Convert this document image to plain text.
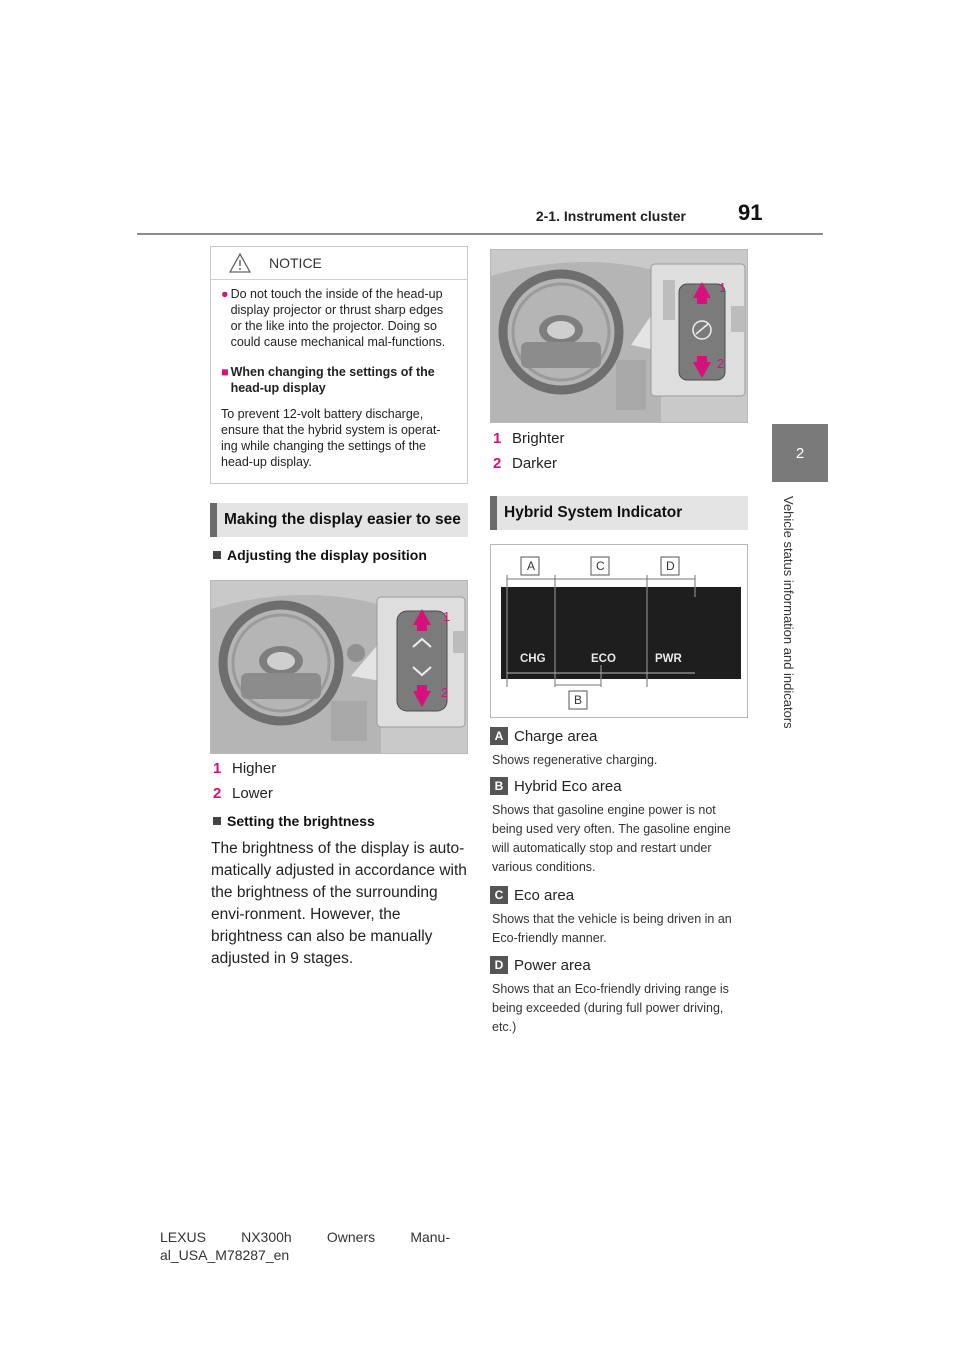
2-1. Instrument cluster 91
2
Vehicle status information and indicators
NOTICE
● Do not touch the inside of the head-up display projector or thrust sharp edges or the like into the projector. Doing so could cause mechanical mal-functions.
■ When changing the settings of the head-up display
To prevent 12-volt battery discharge, ensure that the hybrid system is operat-ing while changing the settings of the head-up display.
Making the display easier to see
Adjusting the display position
1
2
1 Higher
2 Lower
Setting the brightness
The brightness of the display is auto-matically adjusted in accordance with the brightness of the surrounding envi-ronment. However, the brightness can also be manually adjusted in 9 stages.
1
2
1 Brighter
2 Darker
Hybrid System Indicator
A	C	D
B
CHG	ECO	PWR
A Charge area
Shows regenerative charging.
B Hybrid Eco area
Shows that gasoline engine power is not being used very often. The gasoline engine will automatically stop and restart under various conditions.
C Eco area
Shows that the vehicle is being driven in an Eco-friendly manner.
D Power area
Shows that an Eco-friendly driving range is being exceeded (during full power driving, etc.)
LEXUS	NX300h	Owners	Manu-
al_USA_M78287_en
